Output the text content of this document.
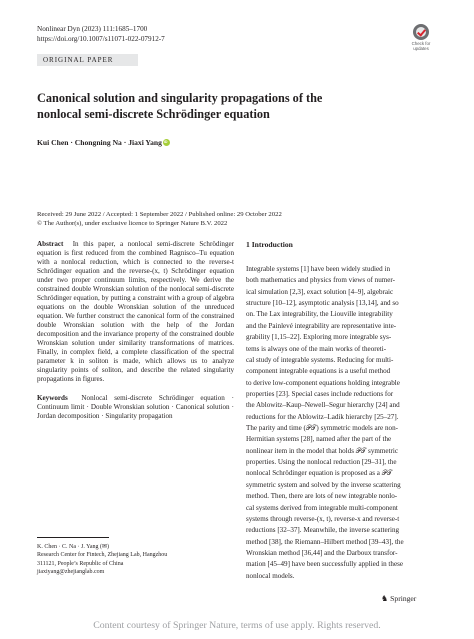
Nonlinear Dyn (2023) 111:1685–1700
https://doi.org/10.1007/s11071-022-07912-7
Check for
updates
ORIGINAL PAPER
Canonical solution and singularity propagations of the
nonlocal semi-discrete Schrödinger equation
Kui Chen · Chongning Na · Jiaxi YangiD
Received: 29 June 2022 / Accepted: 1 September 2022 / Published online: 29 October 2022
© The Author(s), under exclusive licence to Springer Nature B.V. 2022

Abstract In this paper, a nonlocal semi-discrete Schrödinger equation is first reduced from the combined Ragnisco–Tu equation with a nonlocal reduction, which is connected to the reverse-t Schrödinger equation and the reverse-(x, t) Schrödinger equation under two proper continuum limits, respectively. We derive the constrained double Wronskian solution of the nonlocal semi-discrete Schrödinger equation, by putting a constraint with a group of algebra equations on the double Wronskian solution of the unreduced equation. We further construct the canonical form of the constrained double Wronskian solution with the help of the Jordan decomposition and the invariance property of the constrained double Wronskian solution under similarity transformations of matrices. Finally, in complex field, a complete classification of the spectral parameter k in soliton is made, which allows us to analyze singularity points of soliton, and describe the related singularity propagations in figures.

Keywords Nonlocal semi-discrete Schrödinger equation · Continuum limit · Double Wronskian solution · Canonical solution · Jordan decomposition · Singularity propagation

K. Chen · C. Na · J. Yang (✉)
Research Center for Fintech, Zhejiang Lab, Hangzhou
311121, People’s Republic of China
jiaxiyang@zhejianglab.com
1 Introduction
Integrable systems [1] have been widely studied in
both mathematics and physics from views of numer-
ical simulation [2,3], exact solution [4–9], algebraic
structure [10–12], asymptotic analysis [13,14], and so
on. The Lax integrability, the Liouville integrability
and the Painlevé integrability are representative inte-
grability [1,15–22]. Exploring more integrable sys-
tems is always one of the main works of theoreti-
cal study of integrable systems. Reducing for multi-
component integrable equations is a useful method
to derive low-component equations holding integrable
properties [23]. Special cases include reductions for
the Ablowitz–Kaup–Newell–Segur hierarchy [24] and
reductions for the Ablowitz–Ladik hierarchy [25–27].
The parity and time (𝒫𝒯) symmetric models are non-
Hermitian systems [28], named after the part of the
nonlinear item in the model that holds 𝒫𝒯 symmetric
properties. Using the nonlocal reduction [29–31], the
nonlocal Schrödinger equation is proposed as a 𝒫𝒯
symmetric system and solved by the inverse scattering
method. Then, there are lots of new integrable nonlo-
cal systems derived from integrable multi-component
systems through reverse-(x, t), reverse-x and reverse-t
reductions [32–37]. Meanwhile, the inverse scattering
method [38], the Riemann–Hilbert method [39–43], the
Wronskian method [36,44] and the Darboux transfor-
mation [45–49] have been successfully applied in these
nonlocal models.
♞ Springer
Content courtesy of Springer Nature, terms of use apply. Rights reserved.
